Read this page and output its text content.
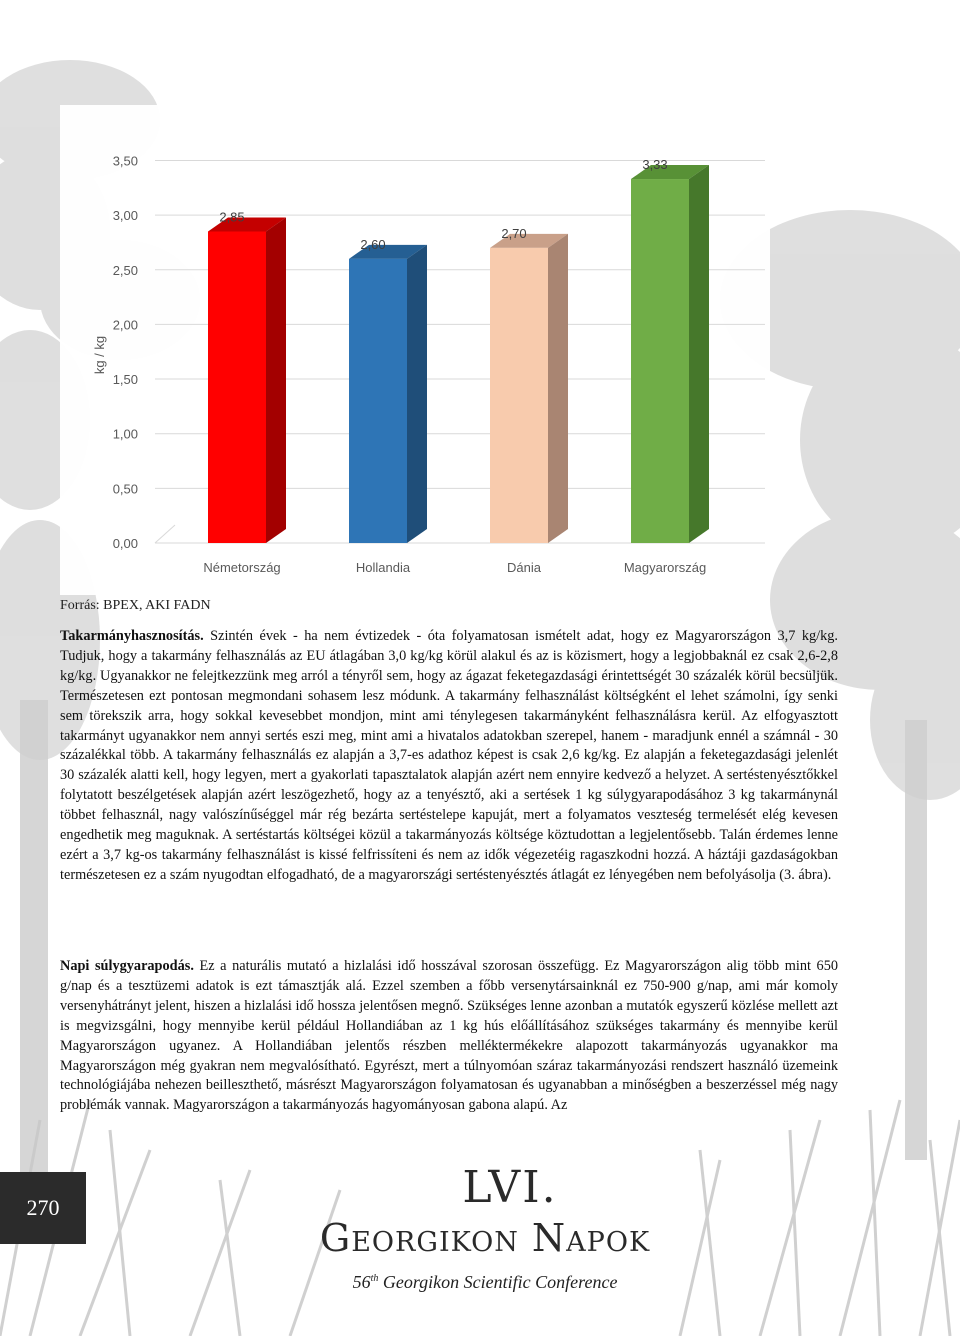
0,00
0,50
1,00
1,50
2,00
2,50
3,00
3,50
2,85
2,60
2,70
3,33
Németország	Hollandia	Dánia	Magyarország
kg / kg
Forrás: BPEX, AKI FADN
Takarmányhasznosítás. Szintén évek - ha nem évtizedek - óta folyamatosan ismételt adat, hogy ez Magyarországon 3,7 kg/kg. Tudjuk, hogy a takarmány felhasználás az EU átlagában 3,0 kg/kg körül alakul és az is közismert, hogy a legjobbaknál ez csak 2,6-2,8 kg/kg. Ugyanakkor ne felejtkezzünk meg arról a tényről sem, hogy az ágazat feketegazdasági érintettségét 30 százalék körül becsüljük. Természetesen ezt pontosan megmondani sohasem lesz módunk. A takarmány felhasználást költségként el lehet számolni, így senki sem törekszik arra, hogy sokkal kevesebbet mondjon, mint ami ténylegesen takarmányként felhasználásra kerül. Az elfogyasztott takarmányt ugyanakkor nem annyi sertés eszi meg, mint ami a hivatalos adatokban szerepel, hanem - maradjunk ennél a számnál - 30 százalékkal több. A takarmány felhasználás ez alapján a 3,7-es adathoz képest is csak 2,6 kg/kg. Ez alapján a feketegazdasági jelenlét 30 százalék alatti kell, hogy legyen, mert a gyakorlati tapasztalatok alapján azért nem ennyire kedvező a helyzet. A sertéstenyésztőkkel folytatott beszélgetések alapján azért leszögezhető, hogy az a tenyésztő, aki a sertések 1 kg súlygyarapodásához 3 kg takarmánynál többet felhasznál, nagy valószínűséggel már rég bezárta sertéstelepe kapuját, mert a folyamatos veszteség termelését elég kevesen engedhetik meg maguknak. A sertéstartás költségei közül a takarmányozás költsége köztudottan a legjelentősebb. Talán érdemes lenne ezért a 3,7 kg-os takarmány felhasználást is kissé felfrissíteni és nem az idők végezetéig ragaszkodni hozzá. A háztáji gazdaságokban természetesen ez a szám nyugodtan elfogadható, de a magyarországi sertéstenyésztés átlagát ez lényegében nem befolyásolja (3. ábra).
Napi súlygyarapodás. Ez a naturális mutató a hizlalási idő hosszával szorosan összefügg. Ez Magyarországon alig több mint 650 g/nap és a tesztüzemi adatok is ezt támasztják alá. Ezzel szemben a főbb versenytársainknál ez 750-900 g/nap, ami már komoly versenyhátrányt jelent, hiszen a hizlalási idő hossza jelentősen megnő. Szükséges lenne azonban a mutatók egyszerű közlése mellett azt is megvizsgálni, hogy mennyibe kerül például Hollandiában az 1 kg hús előállításához szükséges takarmány és mennyibe kerül Magyarországon ugyanez. A Hollandiában jelentős részben melléktermékekre alapozott takarmányozás ugyanakkor ma Magyarországon még gyakran nem megvalósítható. Egyrészt, mert a túlnyomóan száraz takarmányozási rendszert használó üzemeink technológiájába nehezen beilleszthető, másrészt Magyarországon folyamatosan és ugyanabban a minőségben a beszerzéssel még nagy problémák vannak. Magyarországon a takarmányozás hagyományosan gabona alapú. Az
270	LVI.
Georgikon Napok
56th Georgikon Scientific Conference
